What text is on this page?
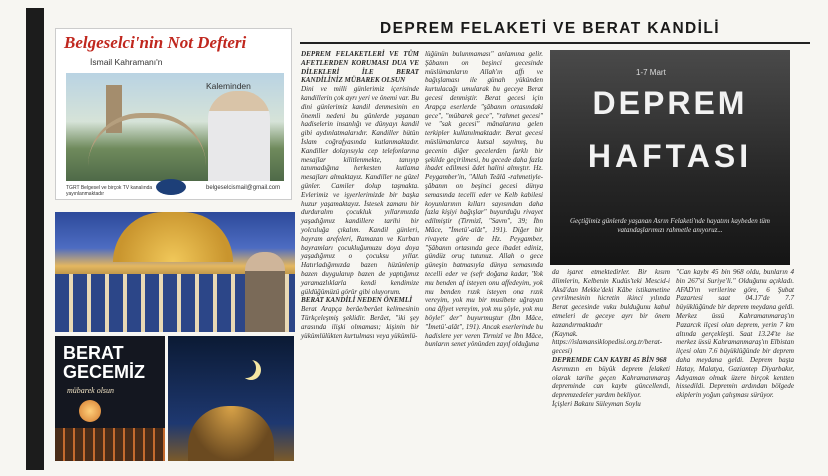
DEPREM FELAKETİ VE BERAT KANDİLİ
Belgeselci'nin Not Defteri
İsmail Kahramanı'n
Kaleminden
TGRT Belgesel ve birçok TV kanalında yayınlanmaktadır
belgeselcismail@gmail.com
BERAT
GECEMİZ
mübarek olsun

DEPREM FELAKETLERİ VE TÜM AFETLERDEN KORUMASI DUA VE DİLEKLERİ İLE BERAT KANDİLİNİZ MÜBAREK OLSUN

Dini ve milli günlerimiz içerisinde kandillerin çok ayrı yeri ve önemi var. Bu dini günlerimiz kandil denmesinin en önemli nedeni bu günlerde yaşanan hadiselerin insanlığı ve dünyayı kandil gibi aydınlatmalarıdır. Kandiller bütün İslam coğrafyasında kutlanmaktadır. Kandiller dolayısıyla cep telefonlarına mesajlar kilitlenmekte, tanıyıp tanımadığına herkesten kutlama mesajları almaktayız. Kandiller ne güzel günler. Camiler dolup taşmakta. Evlerimiz ve işyerlerimizde bir başka huzur yaşamaktayız. İstesek zamanı bir durduralım çocukluk yıllarımızda yaşadığımız kandillere tarihi bir yolculuğa çıkalım. Kandil günleri, bayram arefeleri, Ramazan ve Kurban bayramları çocukluğumuzu doya doya yaşadığımız o çocuksu yıllar. Hatırladığımızda bazen hüzünlenip bazen duygulanıp bazen de yaptığımız yaramazlıklarla kendi kendimize güldüğümüzü görür gibi oluyorum.

BERAT KANDİLİ NEDEN ÖNEMLİ

Berat Arapça berâe/berâet kelimesinin Türkçeleşmiş şeklidir. Berâet, "iki şey arasında ilişki olmaması; kişinin bir yükümlülükten kurtulması veya yükümlü-

lüğünün bulunmaması" anlamına gelir. Şâbanın on beşinci gecesinde müslümanların Allah'ın affı ve bağışlaması ile günah yükünden kurtulacağı umularak bu geceye Berat gecesi denmiştir. Berat gecesi için Arapça eserlerde "şâbanın ortasındaki gece", "mübarek gece", "rahmet gecesi" ve "sak gecesi" mânalarına gelen terkipler kullanılmaktadır. Berat gecesi müslümanlarca kutsal sayılmış, bu gecenin diğer gecelerden farklı bir şekilde geçirilmesi, bu gecede daha fazla ibadet edilmesi âdet halini almıştır. Hz. Peygamber'in, "Allah Teâlâ -rahmetiyle- şâbanın on beşinci gecesi dünya semasında tecelli eder ve Kelb kabilesi koyunlarının kılları sayısından daha fazla kişiyi bağışlar" buyurduğu rivayet edilmiştir (Tirmizî, "Savm", 39; İbn Mâce, "İmetü'-alât", 191). Diğer bir rivayete göre de Hz. Peygamber, "Şâbanın ortasında gece ibadet ediniz, gündüz oruç tutunuz. Allah o gece güneşin batmasıyla dünya semasında tecelli eder ve (sefr doğana kadar, 'Yok mu benden af isteyen onu affedeyim, yok mu benden rızık isteyen ona rızık vereyim, yok mu bir musibete uğrayan ona âfiyet vereyim, yok mu şöyle, yok mu böyle!' der" buyurmuştur (İbn Mâce, "İmetü'-alât", 191). Ancak eserlerinde bu hadislere yer veren Tirmizî ve İbn Mâce, bunların senet yönünden zayıf olduğuna

1-7 Mart
DEPREM
HAFTASI
Geçtiğimiz günlerde yaşanan Asrın Felaketi'nde hayatını kaybeden tüm vatandaşlarımızı rahmetle anıyoruz...

da işaret etmektedirler. Bir kısım âlimlerin, Kelbenin Kudüs'teki Mescid-i Aksâ'dan Mekke'deki Kâbe istikametine çevrilmesinin hicretin ikinci yılında Berat gecesinde vuku bulduğunu kabul etmeleri de geceye ayrı bir önem kazandırmaktadır

(Kaynak. https://islamansiklopedisi.org.tr/berat-gecesi)

DEPREMDE CAN KAYBI 45 BİN 968

Asrımızın en büyük deprem felaketi olarak tarihe geçen Kahramanmaraş depreminde can kaybı güncellendi, depremzedeler yardım bekliyor.

İçişleri Bakanı Süleyman Soylu

"Can kaybı 45 bin 968 oldu, bunların 4 bin 267'si Suriye'li." Olduğunu açıkladı. AFAD'ın verilerine göre, 6 Şubat Pazartesi saat 04.17'de 7.7 büyüklüğünde bir deprem meydana geldi. Merkez üssü Kahramanmaraş'ın Pazarcık ilçesi olan deprem, yerin 7 km altında gerçekleşti. Saat 13.24'te ise merkez üssü Kahramanmaraş'ın Elbistan ilçesi olan 7.6 büyüklüğünde bir deprem daha meydana geldi. Deprem başta Hatay, Malatya, Gaziantep Diyarbakır, Adıyaman olmak üzere birçok kentten hissedildi. Depremin ardından bölgede ekiplerin yoğun çalışması sürüyor.
